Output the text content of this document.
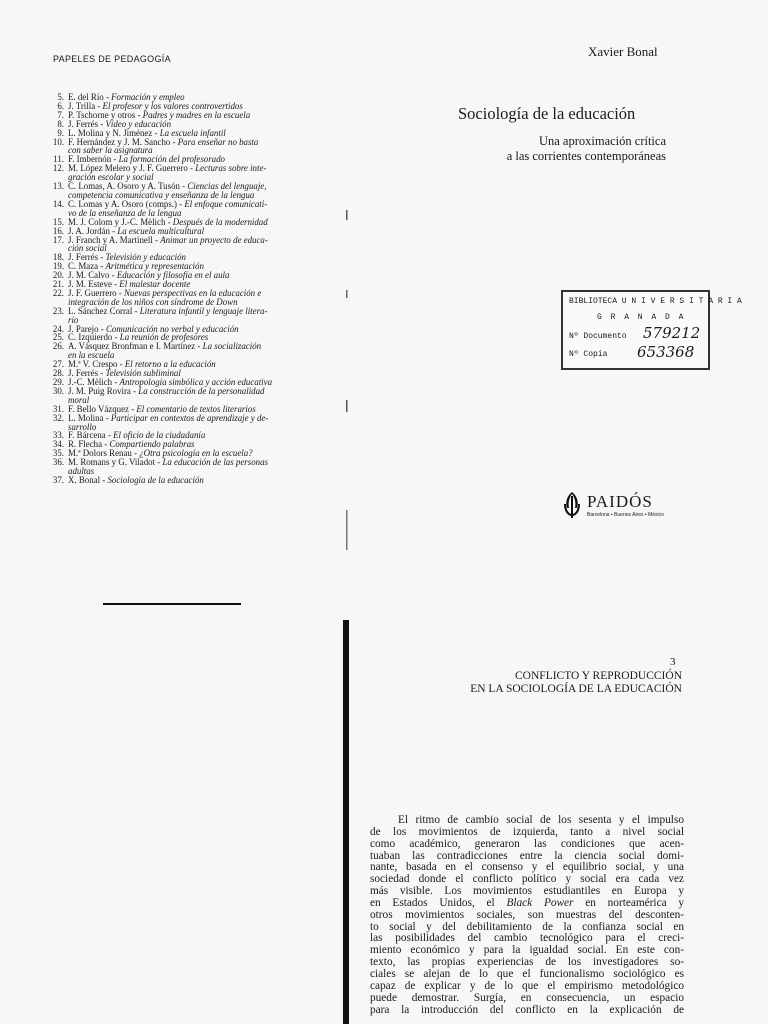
PAPELES DE PEDAGOGÍA
5. E. del Río - Formación y empleo
6. J. Trilla - El profesor y los valores controvertidos
7. P. Tschorne y otros - Padres y madres en la escuela
8. J. Ferrés - Vídeo y educación
9. L. Molina y N. Jiménez - La escuela infantil
10. F. Hernández y J. M. Sancho - Para enseñar no basta
con saber la asignatura
11. F. Imbernón - La formación del profesorado
12. M. López Melero y J. F. Guerrero - Lecturas sobre inte-
gración escolar y social
13. C. Lomas, A. Osoro y A. Tusón - Ciencias del lenguaje,
competencia comunicativa y enseñanza de la lengua
14. C. Lomas y A. Osoro (comps.) - El enfoque comunicati-
vo de la enseñanza de la lengua
15. M. J. Colom y J.-C. Mèlich - Después de la modernidad
16. J. A. Jordán - La escuela multicultural
17. J. Franch y A. Martinell - Animar un proyecto de educa-
ción social
18. J. Ferrés - Televisión y educación
19. C. Maza - Aritmética y representación
20. J. M. Calvo - Educación y filosofía en el aula
21. J. M. Esteve - El malestar docente
22. J. F. Guerrero - Nuevas perspectivas en la educación e
integración de los niños con síndrome de Down
23. L. Sánchez Corral - Literatura infantil y lenguaje litera-
rio
24. J. Parejo - Comunicación no verbal y educación
25. C. Izquierdo - La reunión de profesores
26. A. Vásquez Bronfman e I. Martínez - La socialización
en la escuela
27. M.ª V. Crespo - El retorno a la educación
28. J. Ferrés - Televisión subliminal
29. J.-C. Mèlich - Antropología simbólica y acción educativa
30. J. M. Puig Rovira - La construcción de la personalidad
moral
31. F. Bello Vázquez - El comentario de textos literarios
32. L. Molina - Participar en contextos de aprendizaje y de-
sarrollo
33. F. Bárcena - El oficio de la ciudadanía
34. R. Flecha - Compartiendo palabras
35. M.ª Dolors Renau - ¿Otra psicología en la escuela?
36. M. Romans y G. Viladot - La educación de las personas
adultas
37. X. Bonal - Sociología de la educación
Xavier Bonal
Sociología de la educación
Una aproximación crítica
a las corrientes contemporáneas
BIBLIOTECA U N I V E R S I T A R I A
G R A N A D A
Nº Documento 579212
Nº Copia 653368
PAIDÓS
Barcelona • Buenos Aires • México
3
CONFLICTO Y REPRODUCCIÓN
EN LA SOCIOLOGÍA DE LA EDUCACIÓN
El ritmo de cambio social de los sesenta y el impulso
de los movimientos de izquierda, tanto a nivel social
como académico, generaron las condiciones que acen-
tuaban las contradicciones entre la ciencia social domi-
nante, basada en el consenso y el equilibrio social, y una
sociedad donde el conflicto político y social era cada vez
más visible. Los movimientos estudiantiles en Europa y
en Estados Unidos, el Black Power en norteamérica y
otros movimientos sociales, son muestras del desconten-
to social y del debilitamiento de la confianza social en
las posibilidades del cambio tecnológico para el creci-
miento económico y para la igualdad social. En este con-
texto, las propias experiencias de los investigadores so-
ciales se alejan de lo que el funcionalismo sociológico es
capaz de explicar y de lo que el empirismo metodológico
puede demostrar. Surgía, en consecuencia, un espacio
para la introducción del conflicto en la explicación de
